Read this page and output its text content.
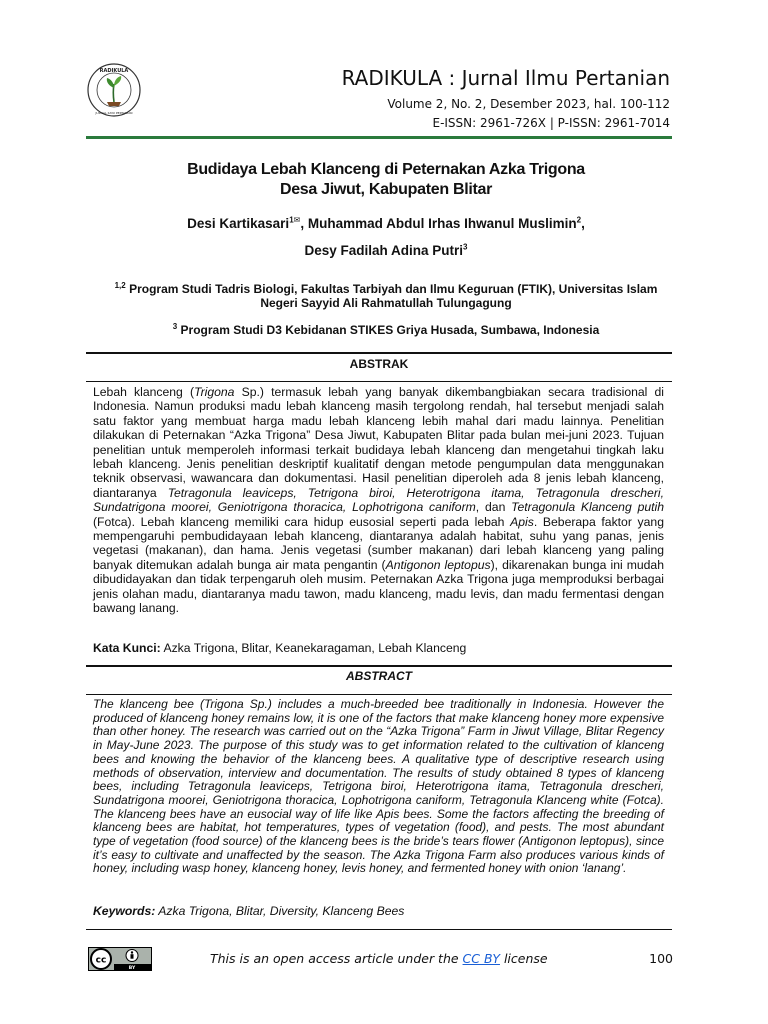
RADIKULA
JURNAL ILMU PERTANIAN
RADIKULA : Jurnal Ilmu Pertanian
Volume 2, No. 2, Desember 2023, hal. 100-112
E-ISSN: 2961-726X | P-ISSN: 2961-7014
Budidaya Lebah Klanceng di Peternakan Azka Trigona
Desa Jiwut, Kabupaten Blitar
Desi Kartikasari$^{1✉}$, Muhammad Abdul Irhas Ihwanul Muslimin$^2$,
Desy Fadilah Adina Putri$^3$
$^{1,2}$ Program Studi Tadris Biologi, Fakultas Tarbiyah dan Ilmu Keguruan (FTIK), Universitas Islam
Negeri Sayyid Ali Rahmatullah Tulungagung
$^3$ Program Studi D3 Kebidanan STIKES Griya Husada, Sumbawa, Indonesia
ABSTRAK
Lebah klanceng (Trigona Sp.) termasuk lebah yang banyak dikembangbiakan secara tradisional di Indonesia. Namun produksi madu lebah klanceng masih tergolong rendah, hal tersebut menjadi salah satu faktor yang membuat harga madu lebah klanceng lebih mahal dari madu lainnya. Penelitian dilakukan di Peternakan “Azka Trigona” Desa Jiwut, Kabupaten Blitar pada bulan mei-juni 2023. Tujuan penelitian untuk memperoleh informasi terkait budidaya lebah klanceng dan mengetahui tingkah laku lebah klanceng. Jenis penelitian deskriptif kualitatif dengan metode pengumpulan data menggunakan teknik observasi, wawancara dan dokumentasi. Hasil penelitian diperoleh ada 8 jenis lebah klanceng, diantaranya Tetragonula leaviceps, Tetrigona biroi, Heterotrigona itama, Tetragonula drescheri, Sundatrigona moorei, Geniotrigona thoracica, Lophotrigona caniform, dan Tetragonula Klanceng putih (Fotca). Lebah klanceng memiliki cara hidup eusosial seperti pada lebah Apis. Beberapa faktor yang mempengaruhi pembudidayaan lebah klanceng, diantaranya adalah habitat, suhu yang panas, jenis vegetasi (makanan), dan hama. Jenis vegetasi (sumber makanan) dari lebah klanceng yang paling banyak ditemukan adalah bunga air mata pengantin (Antigonon leptopus), dikarenakan bunga ini mudah dibudidayakan dan tidak terpengaruh oleh musim. Peternakan Azka Trigona juga memproduksi berbagai jenis olahan madu, diantaranya madu tawon, madu klanceng, madu levis, dan madu fermentasi dengan bawang lanang.
Kata Kunci: Azka Trigona, Blitar, Keanekaragaman, Lebah Klanceng
ABSTRACT
The klanceng bee (Trigona Sp.) includes a much-breeded bee traditionally in Indonesia. However the produced of klanceng honey remains low, it is one of the factors that make klanceng honey more expensive than other honey. The research was carried out on the “Azka Trigona” Farm in Jiwut Village, Blitar Regency in May-June 2023. The purpose of this study was to get information related to the cultivation of klanceng bees and knowing the behavior of the klanceng bees. A qualitative type of descriptive research using methods of observation, interview and documentation. The results of study obtained 8 types of klanceng bees, including Tetragonula leaviceps, Tetrigona biroi, Heterotrigona itama, Tetragonula drescheri, Sundatrigona moorei, Geniotrigona thoracica, Lophotrigona caniform, Tetragonula Klanceng white (Fotca). The klanceng bees have an eusocial way of life like Apis bees. Some the factors affecting the breeding of klanceng bees are habitat, hot temperatures, types of vegetation (food), and pests. The most abundant type of vegetation (food source) of the klanceng bees is the bride’s tears flower (Antigonon leptopus), since it’s easy to cultivate and unaffected by the season. The Azka Trigona Farm also produces various kinds of honey, including wasp honey, klanceng honey, levis honey, and fermented honey with onion ‘lanang’.
Keywords: Azka Trigona, Blitar, Diversity, Klanceng Bees
cc
BY
This is an open access article under the CC BY license	100
